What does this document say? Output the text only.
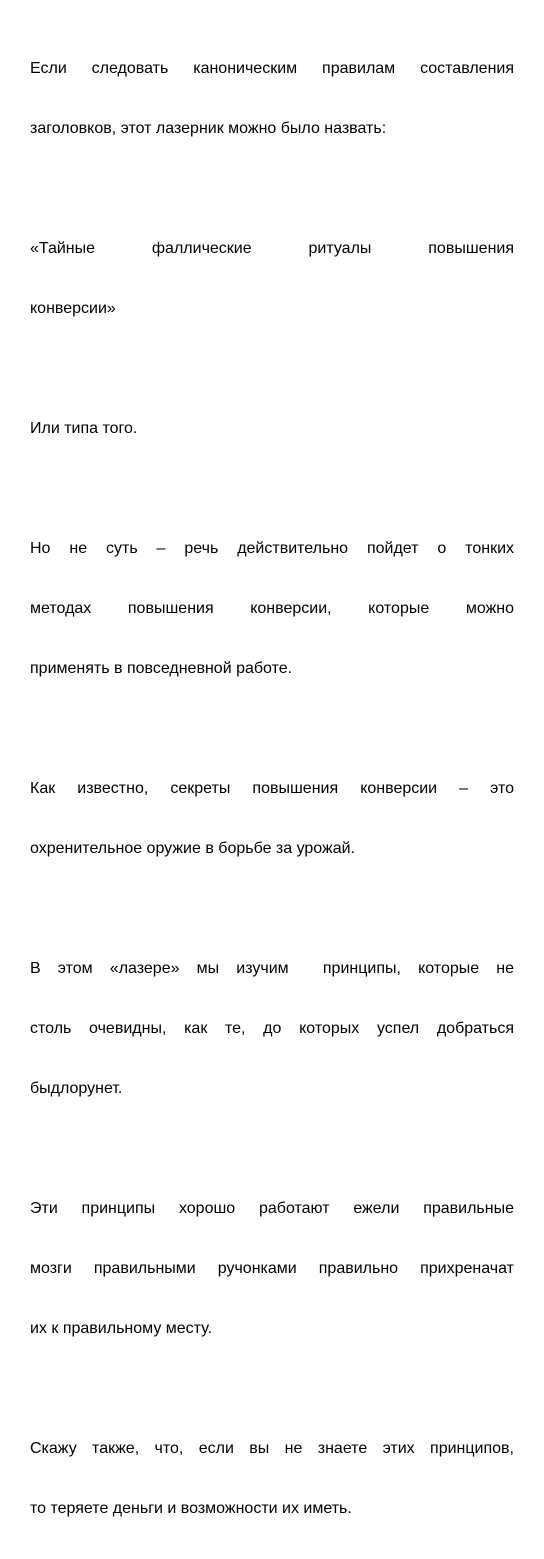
Если следовать каноническим правилам составления

заголовков, этот лазерник можно было назвать:

«Тайные фаллические ритуалы повышения

конверсии»

Или типа того.

Но не суть – речь действительно пойдет о тонких

методах повышения конверсии, которые можно

применять в повседневной работе.

Как известно, секреты повышения конверсии – это

охренительное оружие в борьбе за урожай.

В этом «лазере» мы изучим  принципы, которые не

столь очевидны, как те, до которых успел добраться

быдлорунет.

Эти принципы хорошо работают ежели правильные

мозги правильными ручонками правильно прихреначат

их к правильному месту.

Скажу также, что, если вы не знаете этих принципов,

то теряете деньги и возможности их иметь.
